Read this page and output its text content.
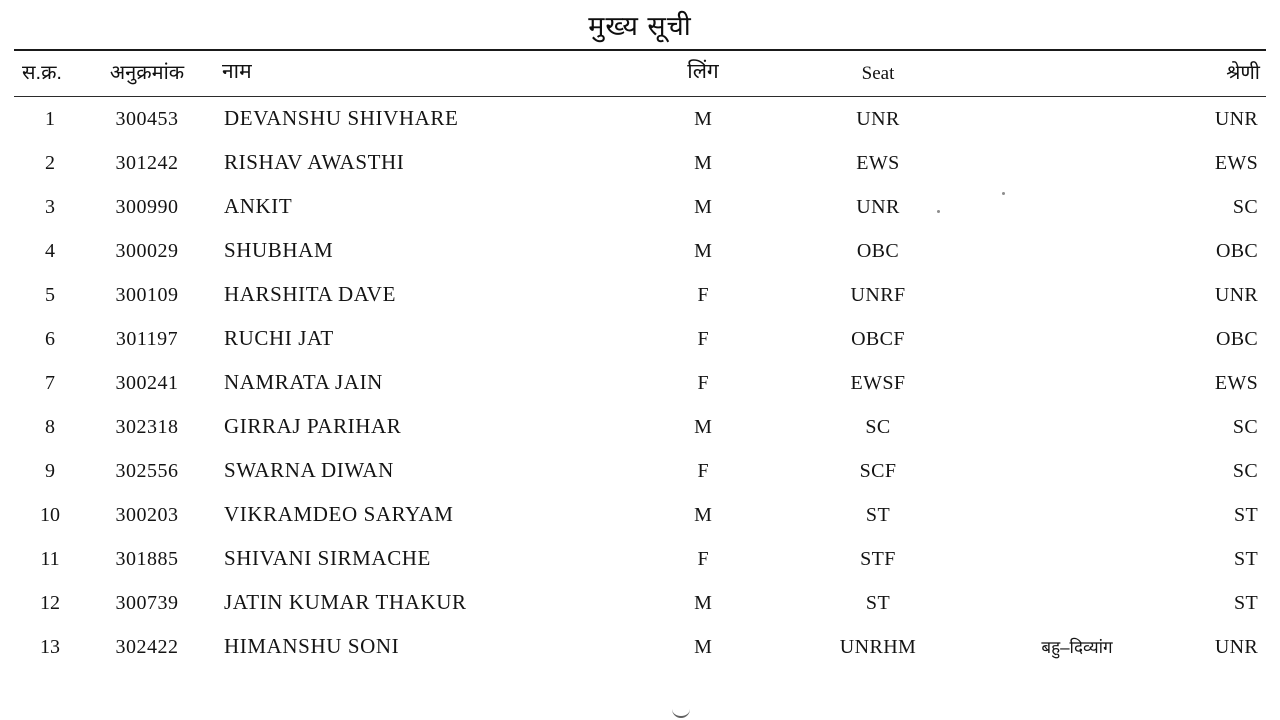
मुख्य सूची
स.क्र.	अनुक्रमांक	नाम	लिंग	Seat		श्रेणी
1	300453	DEVANSHU SHIVHARE	M	UNR		UNR
2	301242	RISHAV AWASTHI	M	EWS		EWS
3	300990	ANKIT	M	UNR		SC
4	300029	SHUBHAM	M	OBC		OBC
5	300109	HARSHITA DAVE	F	UNRF		UNR
6	301197	RUCHI JAT	F	OBCF		OBC
7	300241	NAMRATA JAIN	F	EWSF		EWS
8	302318	GIRRAJ PARIHAR	M	SC		SC
9	302556	SWARNA DIWAN	F	SCF		SC
10	300203	VIKRAMDEO SARYAM	M	ST		ST
11	301885	SHIVANI SIRMACHE	F	STF		ST
12	300739	JATIN KUMAR THAKUR	M	ST		ST
13	302422	HIMANSHU SONI	M	UNRHM	बहु–दिव्यांग	UNR
